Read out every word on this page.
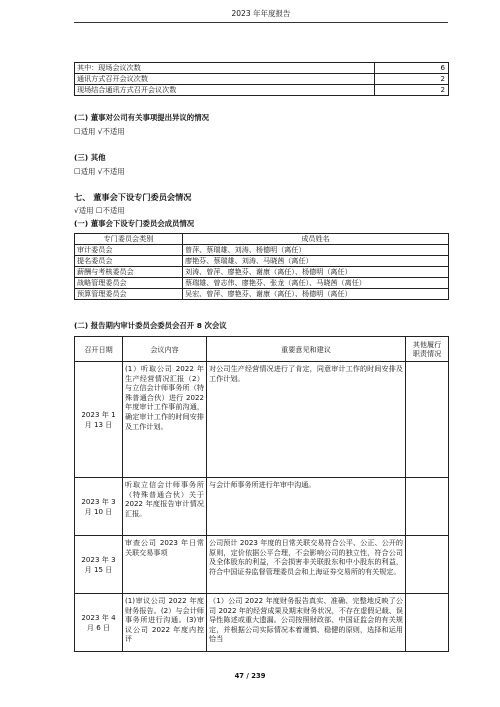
2023 年年度报告
其中：现场会议次数	6
通讯方式召开会议次数	2
现场结合通讯方式召开会议次数	2
(二) 董事对公司有关事项提出异议的情况
☐适用 √不适用
(三) 其他
☐适用 √不适用
七、 董事会下设专门委员会情况
√适用 ☐不适用
(一) 董事会下设专门委员会成员情况
专门委员会类别	成员姓名
审计委员会	曾萍、蔡瑞雄、刘涛、杨德明（离任）
提名委员会	廖艳芬、蔡瑞雄、刘涛、马晓茜（离任）
薪酬与考核委员会	刘涛、曾萍、廖艳芬、谢康（离任）、杨德明（离任）
战略管理委员会	蔡瑞雄、曾志伟、廖艳芬、张龙（离任）、马晓茜（离任）
预算管理委员会	吴宏、曾萍、廖艳芬、谢康（离任）、杨德明（离任）
(二) 报告期内审计委员会委员会召开 8 次会议
召开日期	会议内容	重要意见和建议	其他履行
职责情况
2023 年 1
月 13 日	(1）听取公司 2022 年生产经营情况汇报（2）与立信会计师事务所（特殊普通合伙）进行 2022 年度审计工作事前沟通，确定审计工作的时间安排及工作计划。	对公司生产经营情况进行了肯定，同意审计工作的时间安排及工作计划。	
2023 年 3
月 10 日	听取立信会计师事务所（特殊普通合伙）关于 2022 年度报告审计情况汇报。	与会计师事务所进行年审中沟通。	
2023 年 3
月 15 日	审查公司 2023 年日常关联交易事项	公司预计 2023 年度的日常关联交易符合公平、公正、公开的原则，定价依据公平合理，不会影响公司的独立性，符合公司及全体股东的利益，不会损害非关联股东和中小股东的利益，符合中国证券监督管理委员会和上海证券交易所的有关规定。	
2023 年 4
月 6 日	(1)审议公司 2022 年度财务报告。(2）与会计师事务所进行沟通。(3)审议公司 2022 年度内控评	（1）公司 2022 年度财务报告真实、准确、完整地反映了公司 2022 年的经营成果及期末财务状况，不存在虚假记载、误导性陈述或重大遗漏。公司按照财政部、中国证监会的有关规定，并根据公司实际情况本着谨慎、稳健的原则，选择和运用恰当	
47 / 239
